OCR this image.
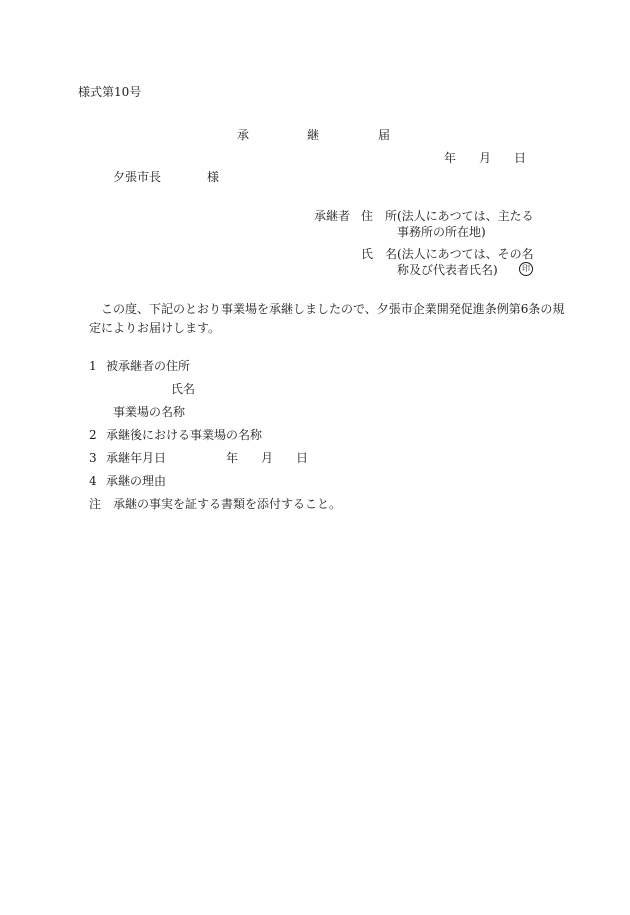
様式第10号
承	継	届
年 月 日
夕張市長	様
承継者 住　所 (法人にあつては、主たる
事務所の所在地)
氏　名 (法人にあつては、その名
称及び代表者氏名)	印
この度、下記のとおり事業場を承継しましたので、夕張市企業開発促進条例第6条の規
定によりお届けします。
1 被承継者の住所
氏名
事業場の名称
2 承継後における事業場の名称
3 承継年月日	年 月 日
4 承継の理由
注 承継の事実を証する書類を添付すること。
